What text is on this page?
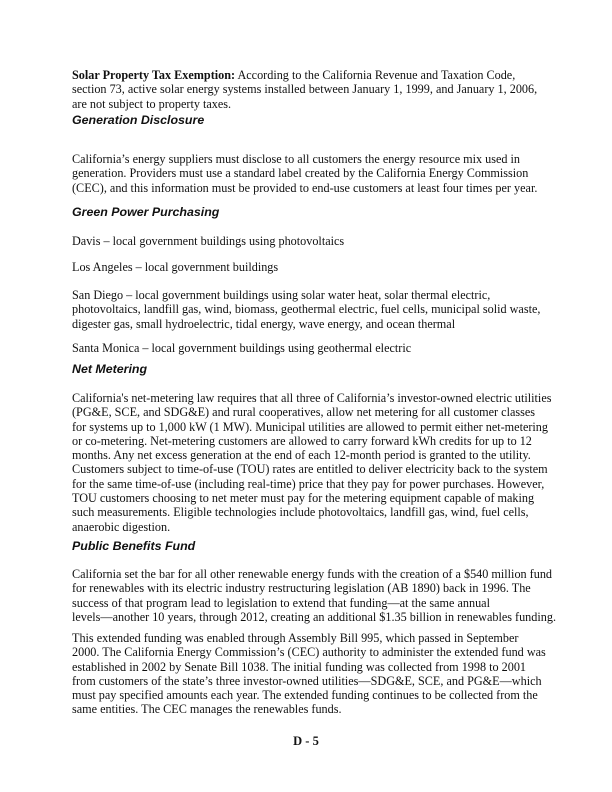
Solar Property Tax Exemption: According to the California Revenue and Taxation Code,
section 73, active solar energy systems installed between January 1, 1999, and January 1, 2006,
are not subject to property taxes.
Generation Disclosure
California’s energy suppliers must disclose to all customers the energy resource mix used in
generation. Providers must use a standard label created by the California Energy Commission
(CEC), and this information must be provided to end-use customers at least four times per year.
Green Power Purchasing
Davis – local government buildings using photovoltaics
Los Angeles – local government buildings
San Diego – local government buildings using solar water heat, solar thermal electric,
photovoltaics, landfill gas, wind, biomass, geothermal electric, fuel cells, municipal solid waste,
digester gas, small hydroelectric, tidal energy, wave energy, and ocean thermal
Santa Monica – local government buildings using geothermal electric
Net Metering
California's net-metering law requires that all three of California’s investor-owned electric utilities
(PG&E, SCE, and SDG&E) and rural cooperatives, allow net metering for all customer classes
for systems up to 1,000 kW (1 MW). Municipal utilities are allowed to permit either net-metering
or co-metering. Net-metering customers are allowed to carry forward kWh credits for up to 12
months. Any net excess generation at the end of each 12-month period is granted to the utility.
Customers subject to time-of-use (TOU) rates are entitled to deliver electricity back to the system
for the same time-of-use (including real-time) price that they pay for power purchases. However,
TOU customers choosing to net meter must pay for the metering equipment capable of making
such measurements. Eligible technologies include photovoltaics, landfill gas, wind, fuel cells,
anaerobic digestion.
Public Benefits Fund
California set the bar for all other renewable energy funds with the creation of a $540 million fund
for renewables with its electric industry restructuring legislation (AB 1890) back in 1996. The
success of that program lead to legislation to extend that funding—at the same annual
levels—another 10 years, through 2012, creating an additional $1.35 billion in renewables funding.
This extended funding was enabled through Assembly Bill 995, which passed in September
2000. The California Energy Commission’s (CEC) authority to administer the extended fund was
established in 2002 by Senate Bill 1038. The initial funding was collected from 1998 to 2001
from customers of the state’s three investor-owned utilities—SDG&E, SCE, and PG&E—which
must pay specified amounts each year. The extended funding continues to be collected from the
same entities. The CEC manages the renewables funds.
D - 5
